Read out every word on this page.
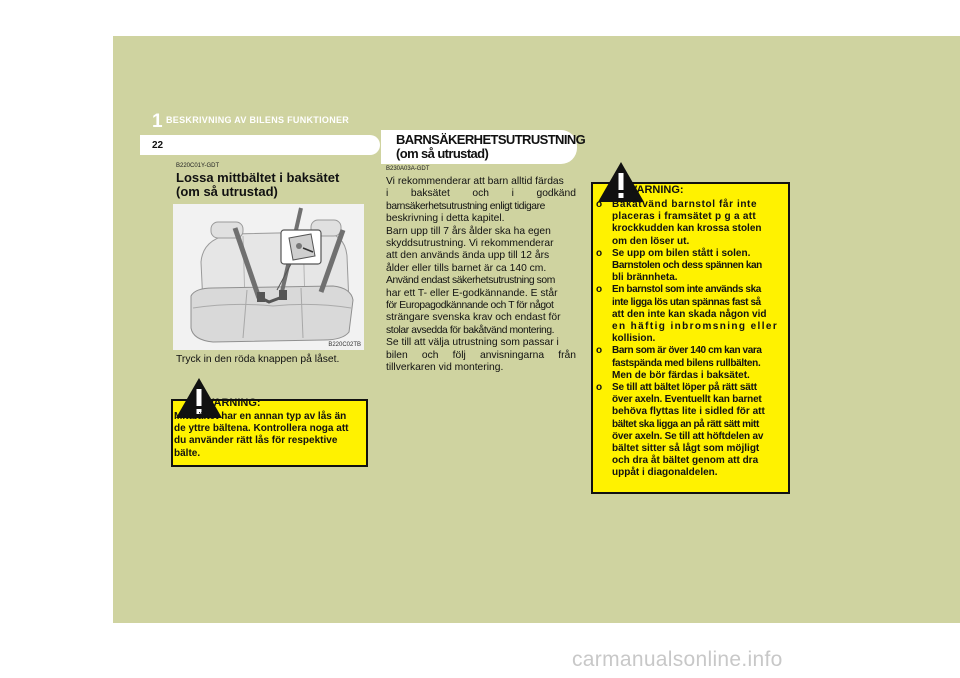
1 BESKRIVNING AV BILENS FUNKTIONER
22
B220C01Y-GDT
Lossa mittbältet i baksätet
(om så utrustad)
B220C02TB
Tryck in den röda knappen på låset.
VARNING:
Mittbältet har en annan typ av lås än
de yttre bältena. Kontrollera noga att
du använder rätt lås för respektive
bälte.
BARNSÄKERHETSUTRUSTNING
(om så utrustad)
B230A03A-GDT
Vi rekommenderar att barn alltid färdas
i baksätet och i godkänd
barnsäkerhetsutrustning enligt tidigare
beskrivning i detta kapitel.
Barn upp till 7 års ålder ska ha egen
skyddsutrustning. Vi rekommenderar
att den används ända upp till 12 års
ålder eller tills barnet är ca 140 cm.
Använd endast säkerhetsutrustning som
har ett T- eller E-godkännande. E står
för Europagodkännande och T för något
strängare svenska krav och endast för
stolar avsedda för bakåtvänd montering.
Se till att välja utrustning som passar i
bilen och följ anvisningarna från
tillverkaren vid montering.
VARNING:
o Bakåtvänd barnstol får inte
placeras i framsätet p g a att
krockkudden kan krossa stolen
om den löser ut.
o Se upp om bilen stått i solen.
Barnstolen och dess spännen kan
bli brännheta.
o En barnstol som inte används ska
inte ligga lös utan spännas fast så
att den inte kan skada någon vid
en häftig inbromsning eller
kollision.
o Barn som är över 140 cm kan vara
fastspända med bilens rullbälten.
Men de bör färdas i baksätet.
o Se till att bältet löper på rätt sätt
över axeln. Eventuellt kan barnet
behöva flyttas lite i sidled för att
bältet ska ligga an på rätt sätt mitt
över axeln. Se till att höftdelen av
bältet sitter så lågt som möjligt
och dra åt bältet genom att dra
uppåt i diagonaldelen.
carmanualsonline.info
